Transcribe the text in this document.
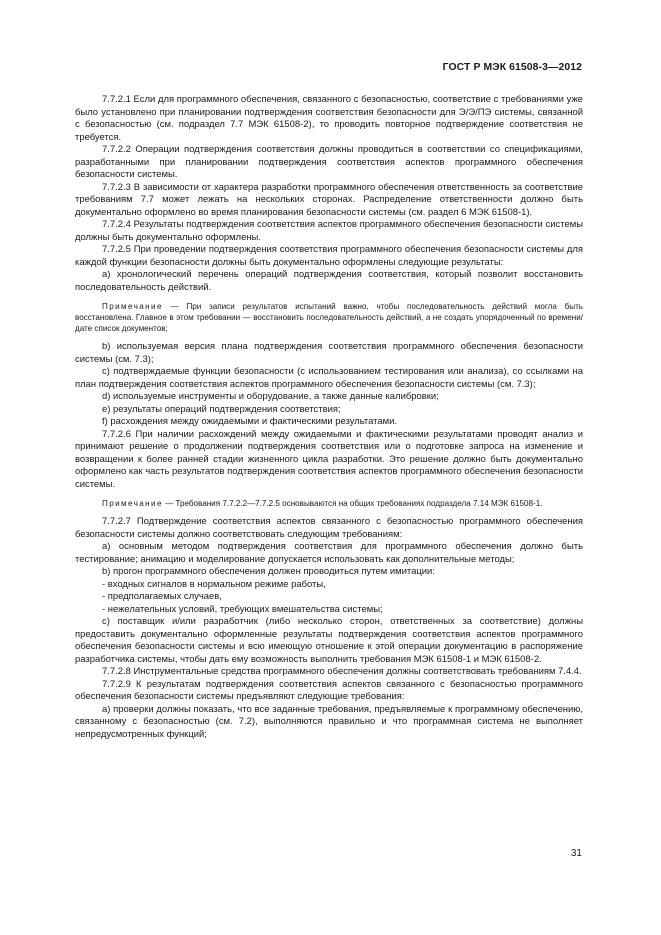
ГОСТ Р МЭК 61508-3—2012

7.7.2.1 Если для программного обеспечения, связанного с безопасностью, соответствие с требованиями уже было установлено при планировании подтверждения соответствия безопасности для Э/Э/ПЭ системы, связанной с безопасностью (см. подраздел 7.7 МЭК 61508-2), то проводить повторное подтверждение соответствия не требуется.

7.7.2.2 Операции подтверждения соответствия должны проводиться в соответствии со спецификациями, разработанными при планировании подтверждения соответствия аспектов программного обеспечения безопасности системы.

7.7.2.3 В зависимости от характера разработки программного обеспечения ответственность за соответствие требованиям 7.7 может лежать на нескольких сторонах. Распределение ответственности должно быть документально оформлено во время планирования безопасности системы (см. раздел 6 МЭК 61508-1).

7.7.2.4 Результаты подтверждения соответствия аспектов программного обеспечения безопасности системы должны быть документально оформлены.

7.7.2.5 При проведении подтверждения соответствия программного обеспечения безопасности системы для каждой функции безопасности должны быть документально оформлены следующие результаты:

a) хронологический перечень операций подтверждения соответствия, который позволит восстановить последовательность действий.

Примечание — При записи результатов испытаний важно, чтобы последовательность действий могла быть восстановлена. Главное в этом требовании — восстановить последовательность действий, а не создать упорядоченный по времени/дате список документов;

b) используемая версия плана подтверждения соответствия программного обеспечения безопасности системы (см. 7.3);

c) подтверждаемые функции безопасности (с использованием тестирования или анализа), со ссылками на план подтверждения соответствия аспектов программного обеспечения безопасности системы (см. 7.3);

d) используемые инструменты и оборудование, а также данные калибровки;

e) результаты операций подтверждения соответствия;

f) расхождения между ожидаемыми и фактическими результатами.

7.7.2.6 При наличии расхождений между ожидаемыми и фактическими результатами проводят анализ и принимают решение о продолжении подтверждения соответствия или о подготовке запроса на изменение и возвращении к более ранней стадии жизненного цикла разработки. Это решение должно быть документально оформлено как часть результатов подтверждения соответствия аспектов программного обеспечения безопасности системы.

Примечание — Требования 7.7.2.2—7.7.2.5 основываются на общих требованиях подраздела 7.14 МЭК 61508-1.

7.7.2.7 Подтверждение соответствия аспектов связанного с безопасностью программного обеспечения безопасности системы должно соответствовать следующим требованиям:

a) основным методом подтверждения соответствия для программного обеспечения должно быть тестирование; анимацию и моделирование допускается использовать как дополнительные методы;

b) прогон программного обеспечения должен проводиться путем имитации:

- входных сигналов в нормальном режиме работы,

- предполагаемых случаев,

- нежелательных условий, требующих вмешательства системы;

c) поставщик и/или разработчик (либо несколько сторон, ответственных за соответствие) должны предоставить документально оформленные результаты подтверждения соответствия аспектов программного обеспечения безопасности системы и всю имеющую отношение к этой операции документацию в распоряжение разработчика системы, чтобы дать ему возможность выполнить требования МЭК 61508-1 и МЭК 61508-2.

7.7.2.8 Инструментальные средства программного обеспечения должны соответствовать требованиям 7.4.4.

7.7.2.9 К результатам подтверждения соответствия аспектов связанного с безопасностью программного обеспечения безопасности системы предъявляют следующие требования:

a) проверки должны показать, что все заданные требования, предъявляемые к программному обеспечению, связанному с безопасностью (см. 7.2), выполняются правильно и что программная система не выполняет непредусмотренных функций;

31
